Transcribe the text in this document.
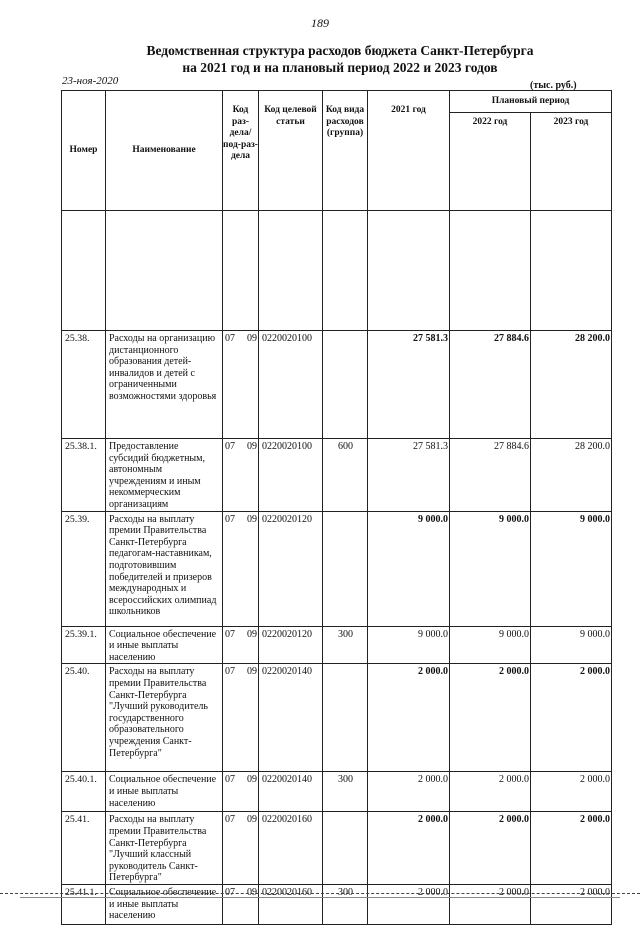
189
Ведомственная структура расходов бюджета Санкт-Петербурга
на 2021 год и на плановый период 2022 и 2023 годов
23-ноя-2020	(тыс. руб.)
Номер	Наименование	Код раз-дела/ под-раз-дела		Код целевой статьи	Код вида расходов (группа)	2021 год	Плановый период	
							2022 год	2023 год

25.38.	Расходы на организацию дистанционного образования детей-инвалидов и детей с ограниченными возможностями здоровья	07	09	0220020100		27 581.3	27 884.6	28 200.0
25.38.1.	Предоставление субсидий бюджетным, автономным учреждениям и иным некоммерческим организациям	07	09	0220020100	600	27 581.3	27 884.6	28 200.0
25.39.	Расходы на выплату премии Правительства Санкт-Петербурга педагогам-наставникам, подготовившим победителей и призеров международных и всероссийских олимпиад школьников	07	09	0220020120		9 000.0	9 000.0	9 000.0
25.39.1.	Социальное обеспечение и иные выплаты населению	07	09	0220020120	300	9 000.0	9 000.0	9 000.0
25.40.	Расходы на выплату премии Правительства Санкт-Петербурга "Лучший руководитель государственного образовательного учреждения Санкт-Петербурга"	07	09	0220020140		2 000.0	2 000.0	2 000.0
25.40.1.	Социальное обеспечение и иные выплаты населению	07	09	0220020140	300	2 000.0	2 000.0	2 000.0
25.41.	Расходы на выплату премии Правительства Санкт-Петербурга "Лучший классный руководитель Санкт-Петербурга"	07	09	0220020160		2 000.0	2 000.0	2 000.0
25.41.1.	Социальное обеспечение и иные выплаты населению	07	09	0220020160	300	2 000.0	2 000.0	2 000.0
